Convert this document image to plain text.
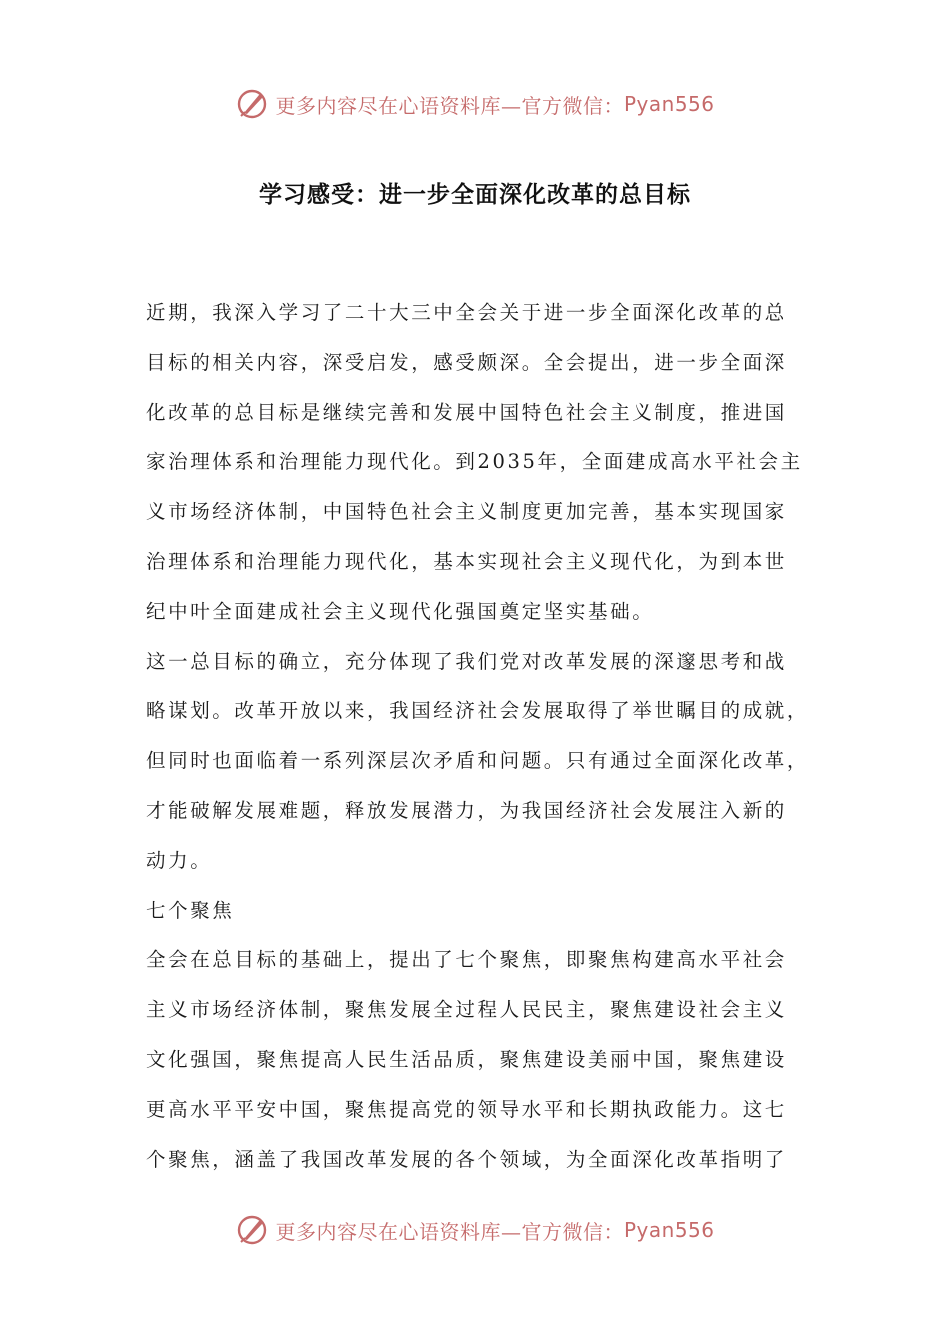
更多内容尽在心语资料库—官方微信： Pyan556
学习感受：进一步全面深化改革的总目标
近期，我深入学习了二十大三中全会关于进一步全面深化改革的总
目标的相关内容，深受启发，感受颇深。全会提出，进一步全面深
化改革的总目标是继续完善和发展中国特色社会主义制度，推进国
家治理体系和治理能力现代化。到2035年，全面建成高水平社会主
义市场经济体制，中国特色社会主义制度更加完善，基本实现国家
治理体系和治理能力现代化，基本实现社会主义现代化，为到本世
纪中叶全面建成社会主义现代化强国奠定坚实基础。
这一总目标的确立，充分体现了我们党对改革发展的深邃思考和战
略谋划。改革开放以来，我国经济社会发展取得了举世瞩目的成就，
但同时也面临着一系列深层次矛盾和问题。只有通过全面深化改革，
才能破解发展难题，释放发展潜力，为我国经济社会发展注入新的
动力。
七个聚焦
全会在总目标的基础上，提出了七个聚焦，即聚焦构建高水平社会
主义市场经济体制，聚焦发展全过程人民民主，聚焦建设社会主义
文化强国，聚焦提高人民生活品质，聚焦建设美丽中国，聚焦建设
更高水平平安中国，聚焦提高党的领导水平和长期执政能力。这七
个聚焦，涵盖了我国改革发展的各个领域，为全面深化改革指明了
更多内容尽在心语资料库—官方微信： Pyan556
